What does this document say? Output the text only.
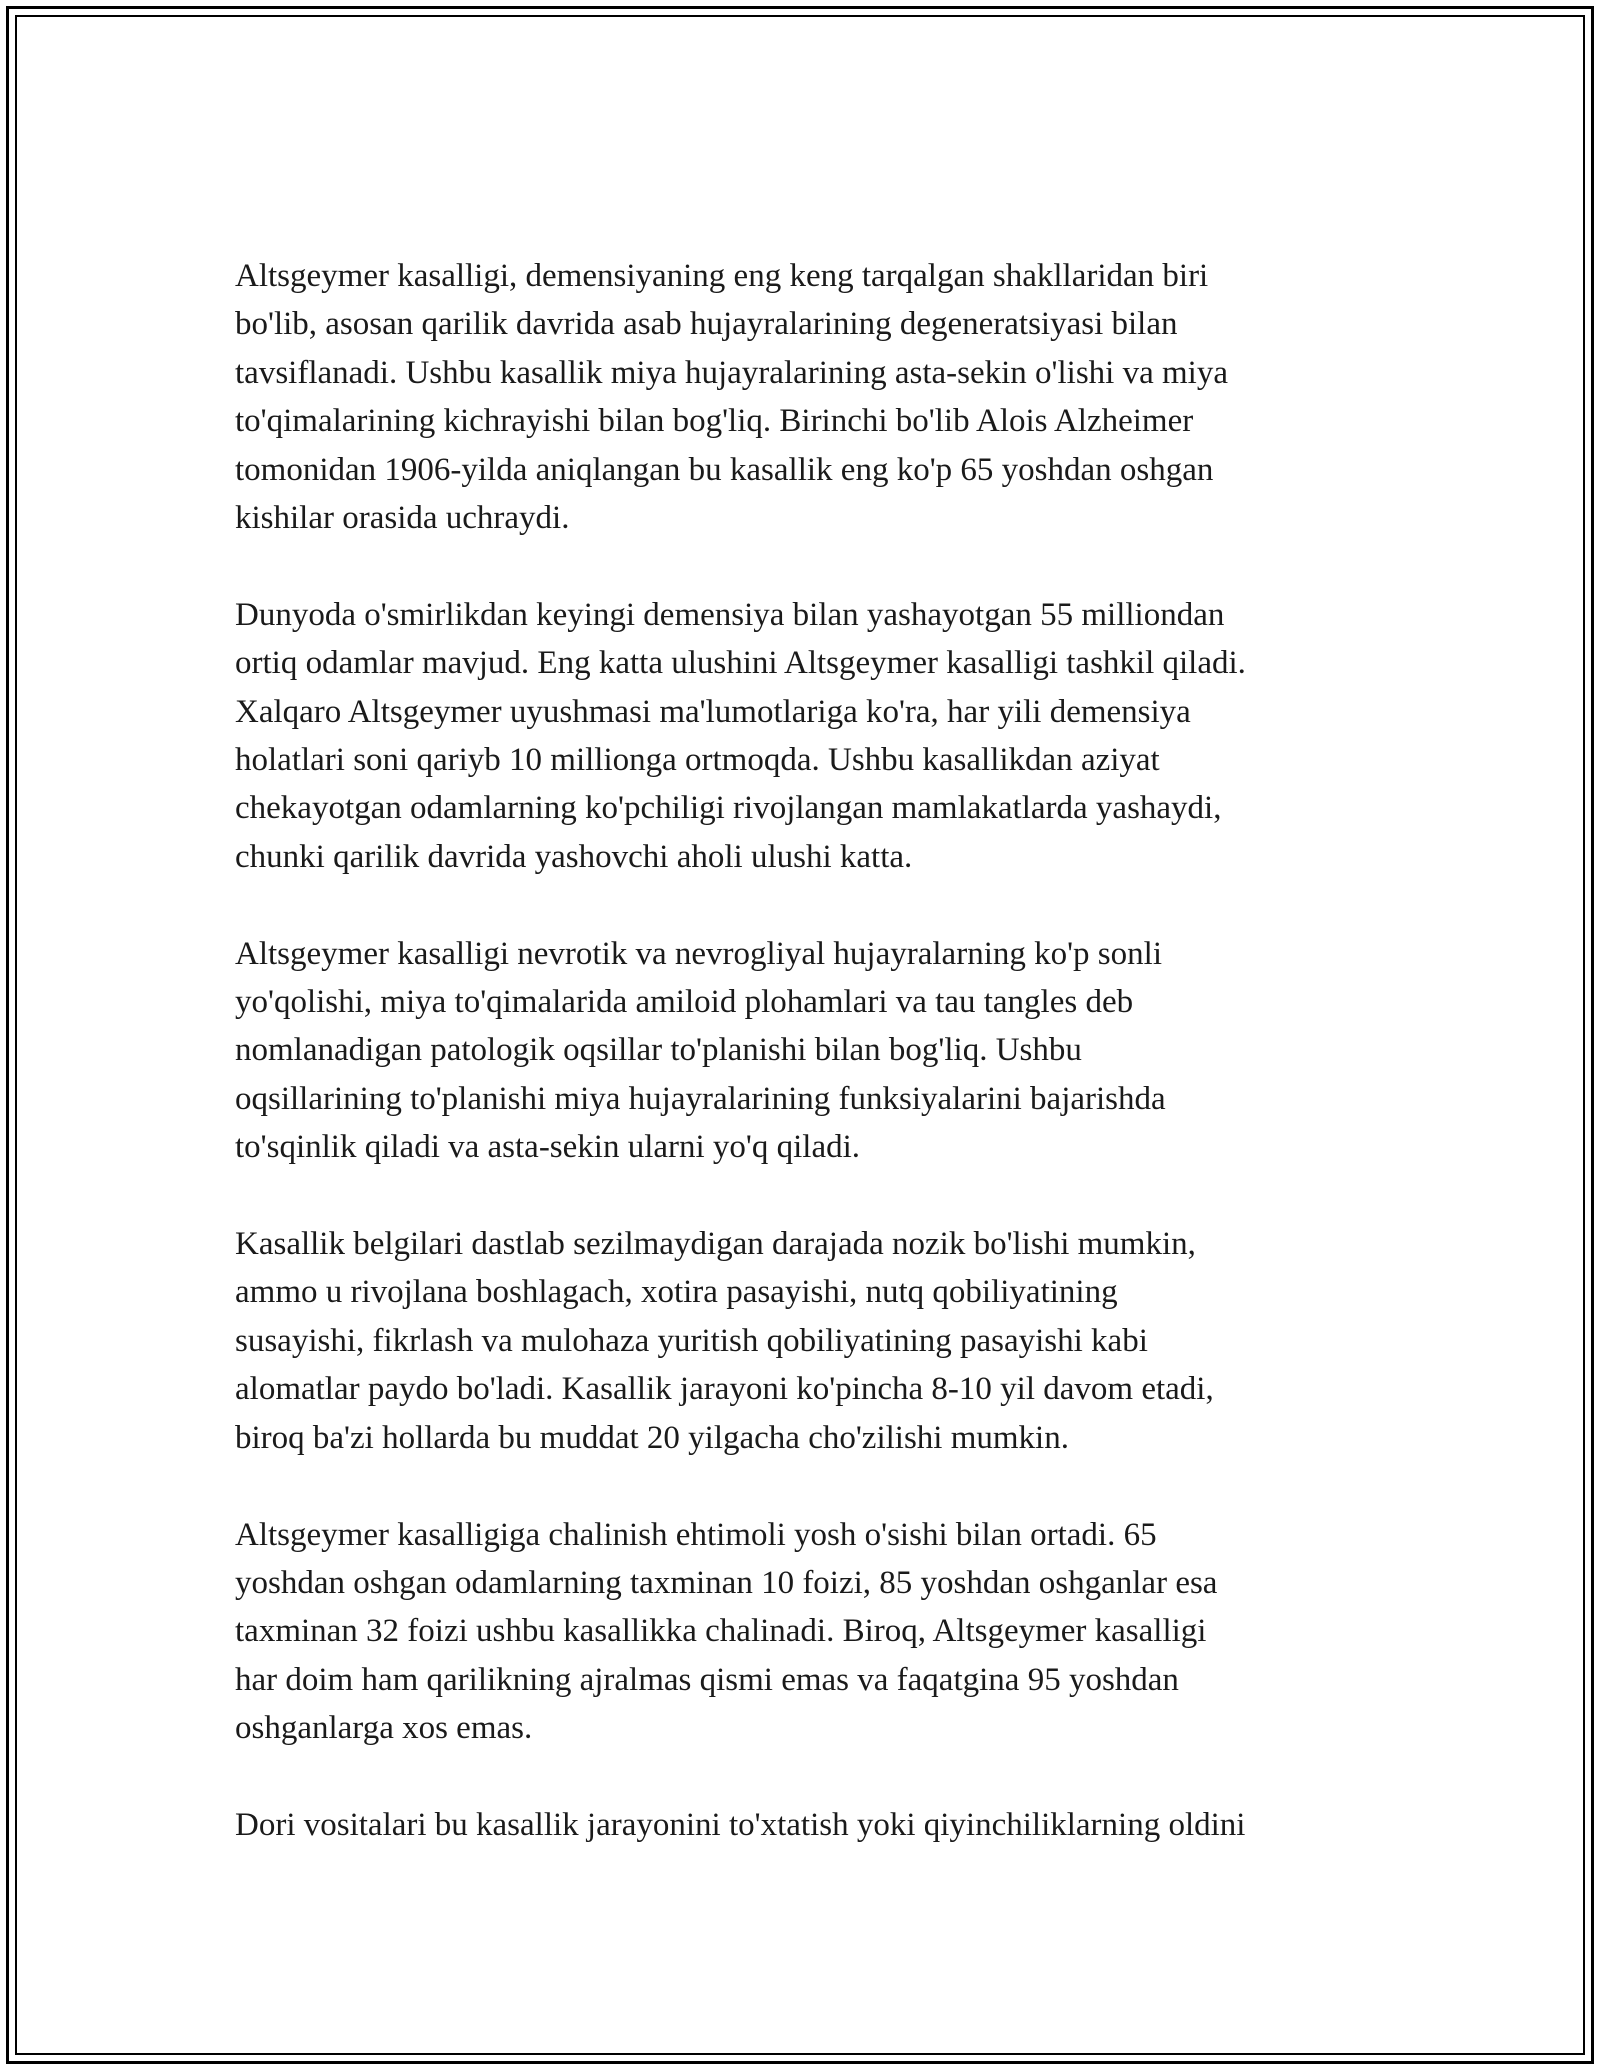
Altsgeymer kasalligi, demensiyaning eng keng tarqalgan shakllaridan biri
bo'lib, asosan qarilik davrida asab hujayralarining degeneratsiyasi bilan
tavsiflanadi. Ushbu kasallik miya hujayralarining asta-sekin o'lishi va miya
to'qimalarining kichrayishi bilan bog'liq. Birinchi bo'lib Alois Alzheimer
tomonidan 1906-yilda aniqlangan bu kasallik eng ko'p 65 yoshdan oshgan
kishilar orasida uchraydi.

Dunyoda o'smirlikdan keyingi demensiya bilan yashayotgan 55 milliondan
ortiq odamlar mavjud. Eng katta ulushini Altsgeymer kasalligi tashkil qiladi.
Xalqaro Altsgeymer uyushmasi ma'lumotlariga ko'ra, har yili demensiya
holatlari soni qariyb 10 millionga ortmoqda. Ushbu kasallikdan aziyat
chekayotgan odamlarning ko'pchiligi rivojlangan mamlakatlarda yashaydi,
chunki qarilik davrida yashovchi aholi ulushi katta.

Altsgeymer kasalligi nevrotik va nevrogliyal hujayralarning ko'p sonli
yo'qolishi, miya to'qimalarida amiloid plohamlari va tau tangles deb
nomlanadigan patologik oqsillar to'planishi bilan bog'liq. Ushbu
oqsillarining to'planishi miya hujayralarining funksiyalarini bajarishda
to'sqinlik qiladi va asta-sekin ularni yo'q qiladi.

Kasallik belgilari dastlab sezilmaydigan darajada nozik bo'lishi mumkin,
ammo u rivojlana boshlagach, xotira pasayishi, nutq qobiliyatining
susayishi, fikrlash va mulohaza yuritish qobiliyatining pasayishi kabi
alomatlar paydo bo'ladi. Kasallik jarayoni ko'pincha 8-10 yil davom etadi,
biroq ba'zi hollarda bu muddat 20 yilgacha cho'zilishi mumkin.

Altsgeymer kasalligiga chalinish ehtimoli yosh o'sishi bilan ortadi. 65
yoshdan oshgan odamlarning taxminan 10 foizi, 85 yoshdan oshganlar esa
taxminan 32 foizi ushbu kasallikka chalinadi. Biroq, Altsgeymer kasalligi
har doim ham qarilikning ajralmas qismi emas va faqatgina 95 yoshdan
oshganlarga xos emas.

Dori vositalari bu kasallik jarayonini to'xtatish yoki qiyinchiliklarning oldini
